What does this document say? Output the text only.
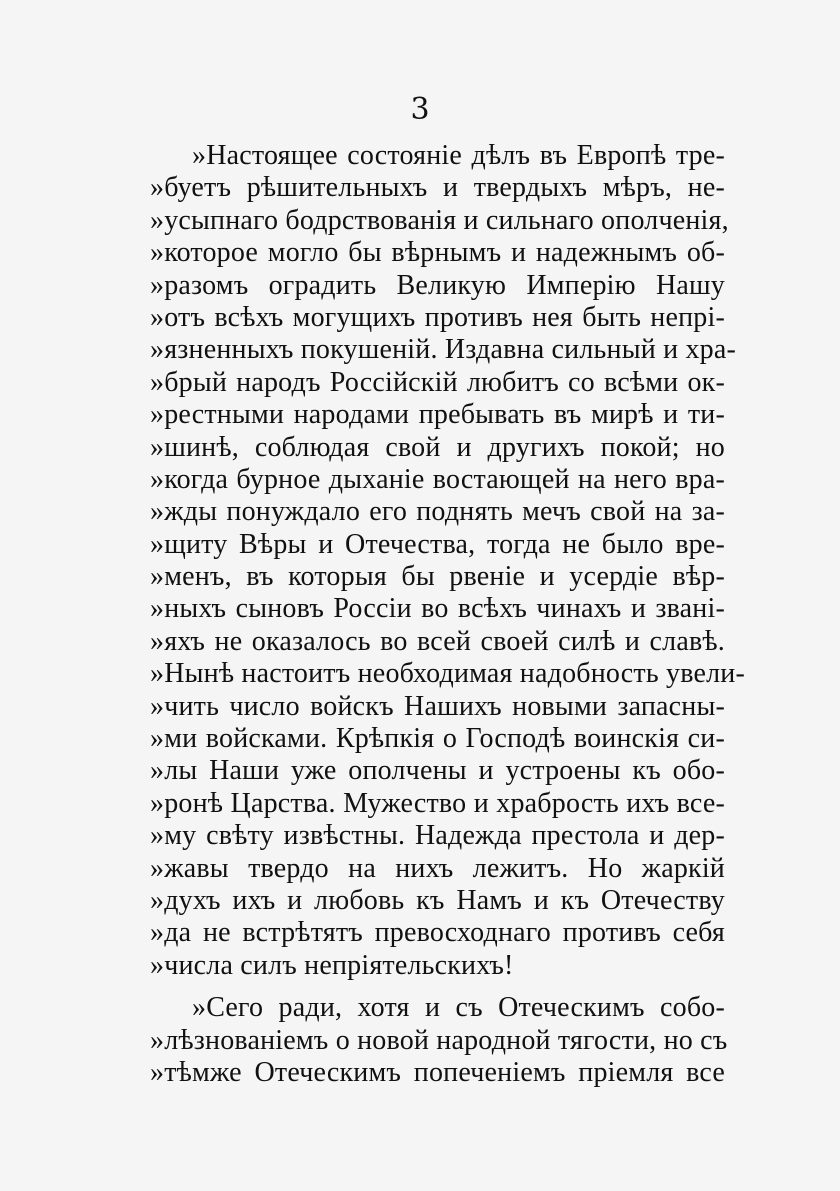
3
»Настоящее состояніе дѣлъ въ Европѣ тре-
»буетъ рѣшительныхъ и твердыхъ мѣръ, не-
»усыпнаго бодрствованія и сильнаго ополченія,
»которое могло бы вѣрнымъ и надежнымъ об-
»разомъ оградить Великую Имперію Нашу
»отъ всѣхъ могущихъ противъ нея быть непрі-
»язненныхъ покушеній. Издавна сильный и хра-
»брый народъ Россійскій любитъ со всѣми ок-
»рестными народами пребывать въ мирѣ и ти-
»шинѣ, соблюдая свой и другихъ покой; но
»когда бурное дыханіе востающей на него вра-
»жды понуждало его поднять мечъ свой на за-
»щиту Вѣры и Отечества, тогда не было вре-
»менъ, въ которыя бы рвеніе и усердіе вѣр-
»ныхъ сыновъ Россіи во всѣхъ чинахъ и звані-
»яхъ не оказалось во всей своей силѣ и славѣ.
»Нынѣ настоитъ необходимая надобность увели-
»чить число войскъ Нашихъ новыми запасны-
»ми войсками. Крѣпкія о Господѣ воинскія си-
»лы Наши уже ополчены и устроены къ обо-
»ронѣ Царства. Мужество и храбрость ихъ все-
»му свѣту извѣстны. Надежда престола и дер-
»жавы твердо на нихъ лежитъ. Но жаркій
»духъ ихъ и любовь къ Намъ и къ Отечеству
»да не встрѣтятъ превосходнаго противъ себя
»числа силъ непріятельскихъ!
»Сего ради, хотя и съ Отеческимъ собо-
»лѣзнованіемъ о новой народной тягости, но съ
»тѣмже Отеческимъ попеченіемъ пріемля все
